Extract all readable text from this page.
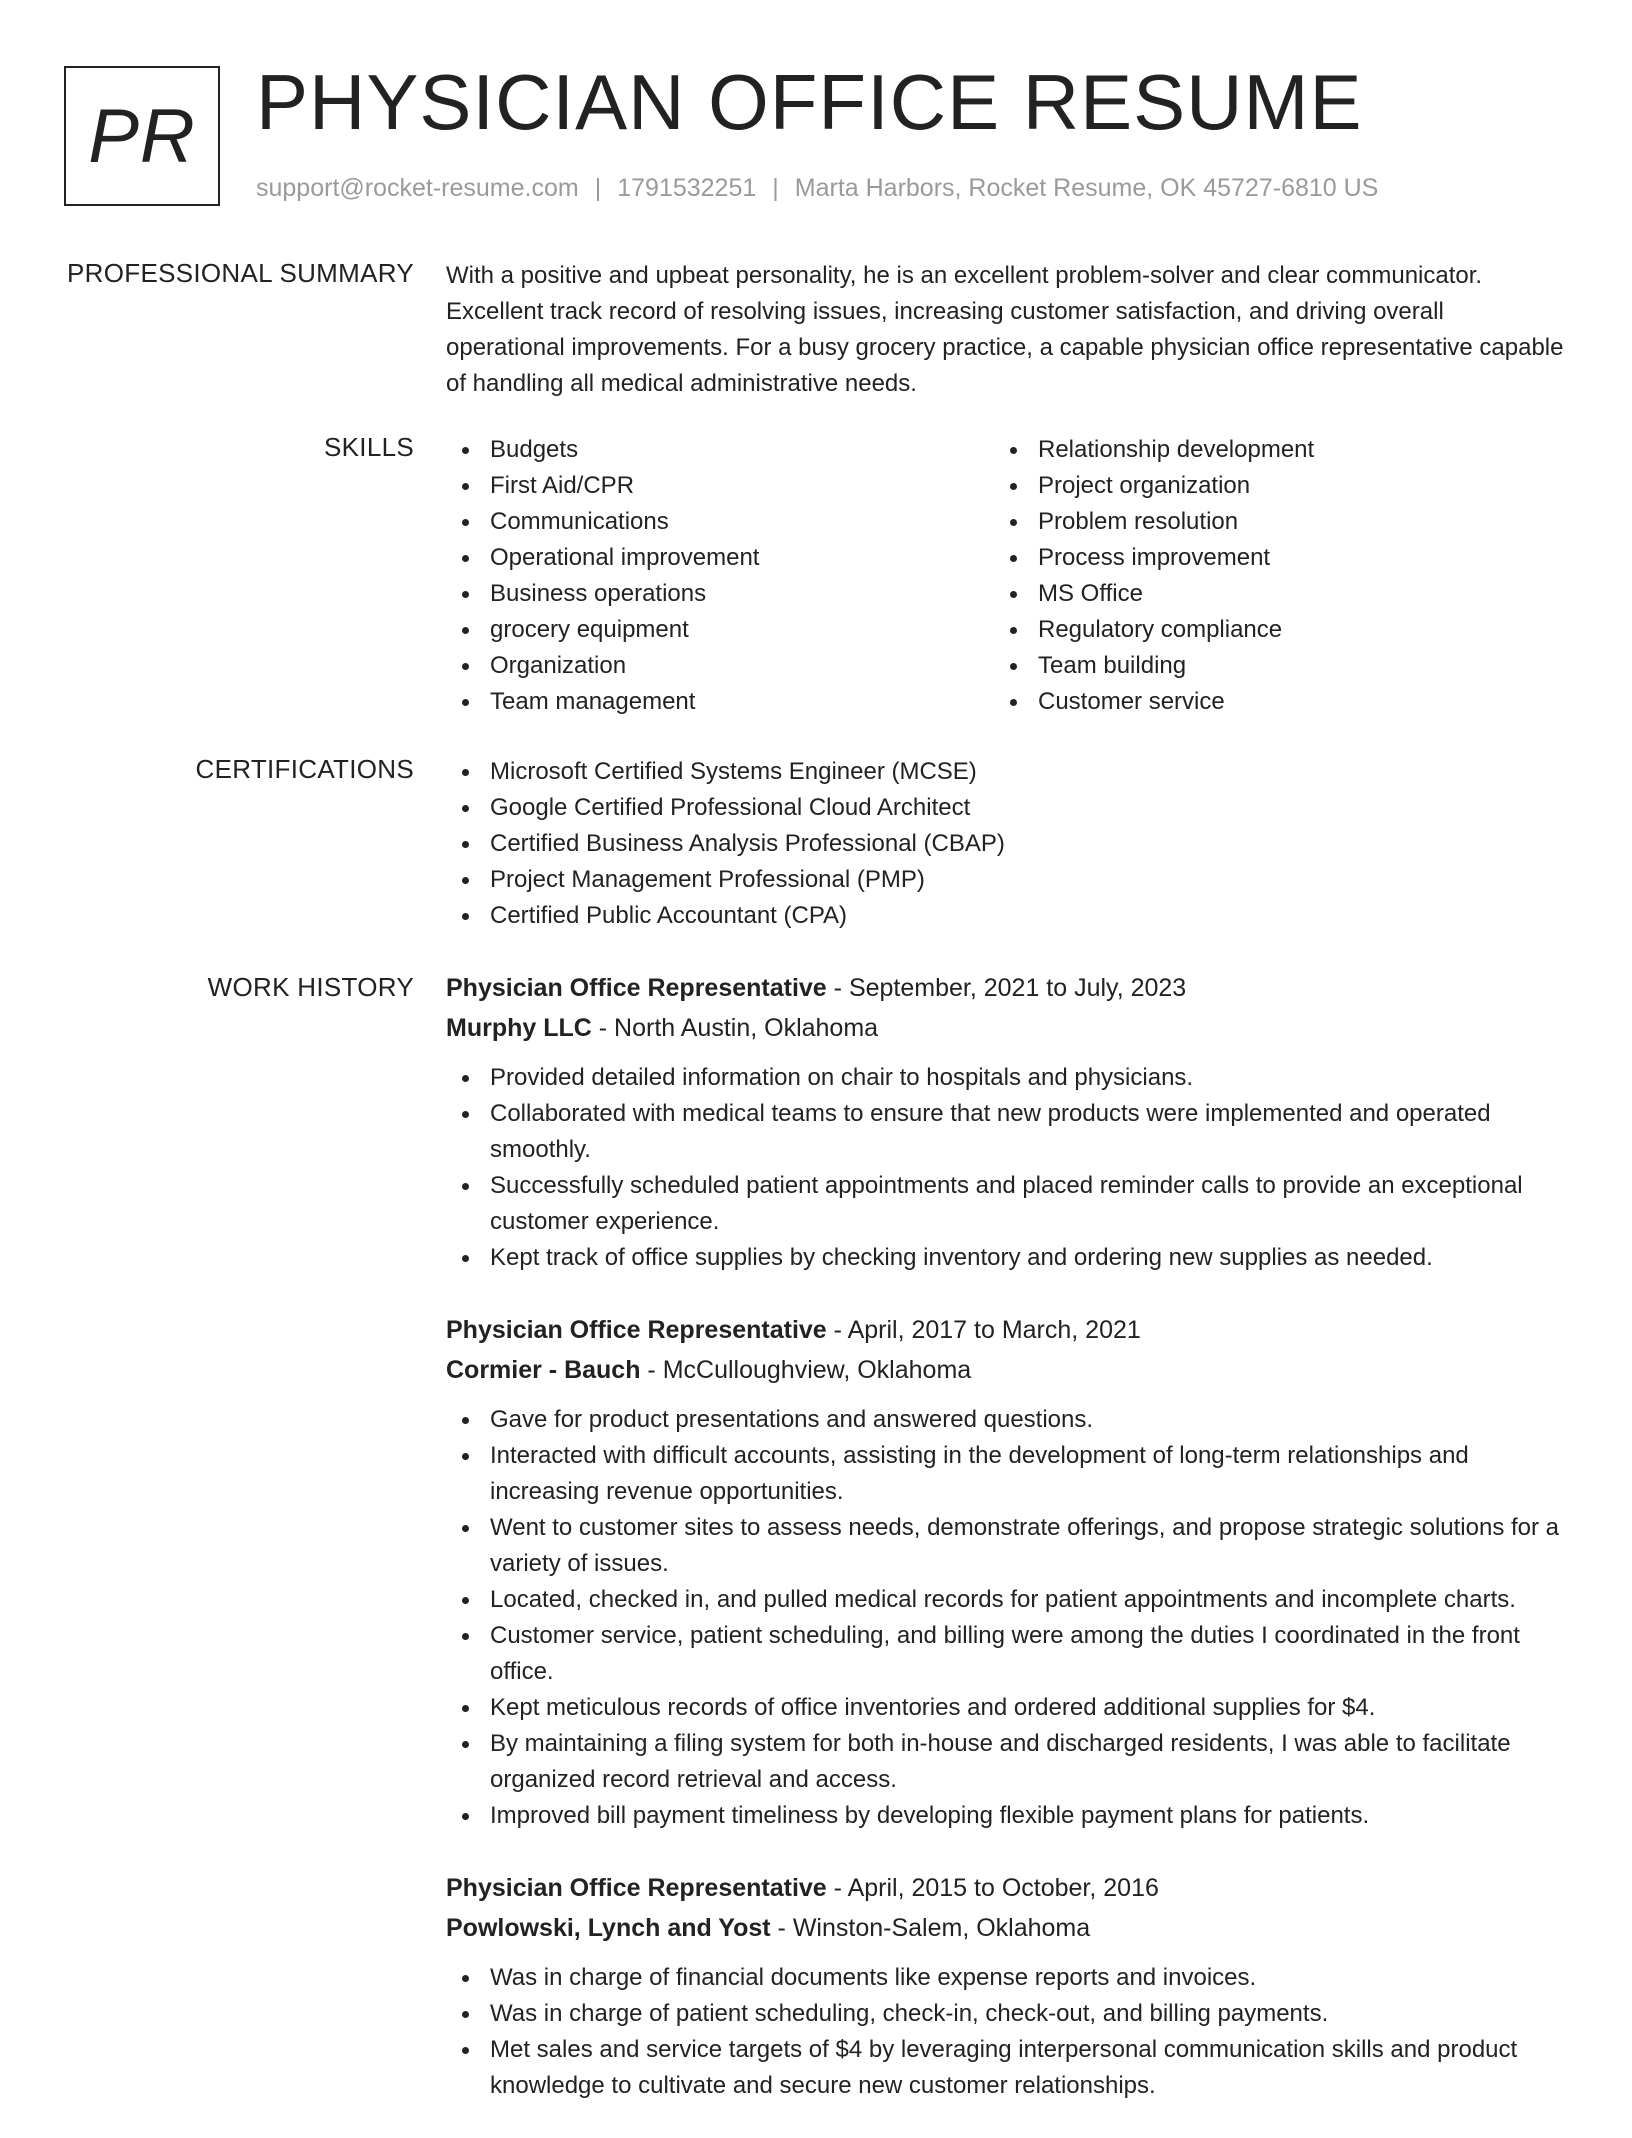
PR PHYSICIAN OFFICE RESUME
support@rocket-resume.com | 1791532251 | Marta Harbors, Rocket Resume, OK 45727-6810 US
PROFESSIONAL SUMMARY With a positive and upbeat personality, he is an excellent problem-solver and clear communicator. Excellent track record of resolving issues, increasing customer satisfaction, and driving overall operational improvements. For a busy grocery practice, a capable physician office representative capable of handling all medical administrative needs.

SKILLS	Budgets
First Aid/CPR
Communications
Operational improvement
Business operations
grocery equipment
Organization
Team management
Relationship development
Project organization
Problem resolution
Process improvement
MS Office
Regulatory compliance
Team building
Customer service
CERTIFICATIONS	Microsoft Certified Systems Engineer (MCSE)
Google Certified Professional Cloud Architect
Certified Business Analysis Professional (CBAP)
Project Management Professional (PMP)
Certified Public Accountant (CPA)
WORK HISTORY Physician Office Representative - September, 2021 to July, 2023
Murphy LLC - North Austin, Oklahoma
Provided detailed information on chair to hospitals and physicians.
Collaborated with medical teams to ensure that new products were implemented and operated smoothly.
Successfully scheduled patient appointments and placed reminder calls to provide an exceptional customer experience.
Kept track of office supplies by checking inventory and ordering new supplies as needed.
Physician Office Representative - April, 2017 to March, 2021
Cormier - Bauch - McCulloughview, Oklahoma
Gave for product presentations and answered questions.
Interacted with difficult accounts, assisting in the development of long-term relationships and increasing revenue opportunities.
Went to customer sites to assess needs, demonstrate offerings, and propose strategic solutions for a variety of issues.
Located, checked in, and pulled medical records for patient appointments and incomplete charts.
Customer service, patient scheduling, and billing were among the duties I coordinated in the front office.
Kept meticulous records of office inventories and ordered additional supplies for $4.
By maintaining a filing system for both in-house and discharged residents, I was able to facilitate organized record retrieval and access.
Improved bill payment timeliness by developing flexible payment plans for patients.
Physician Office Representative - April, 2015 to October, 2016
Powlowski, Lynch and Yost - Winston-Salem, Oklahoma
Was in charge of financial documents like expense reports and invoices.
Was in charge of patient scheduling, check-in, check-out, and billing payments.
Met sales and service targets of $4 by leveraging interpersonal communication skills and product knowledge to cultivate and secure new customer relationships.
